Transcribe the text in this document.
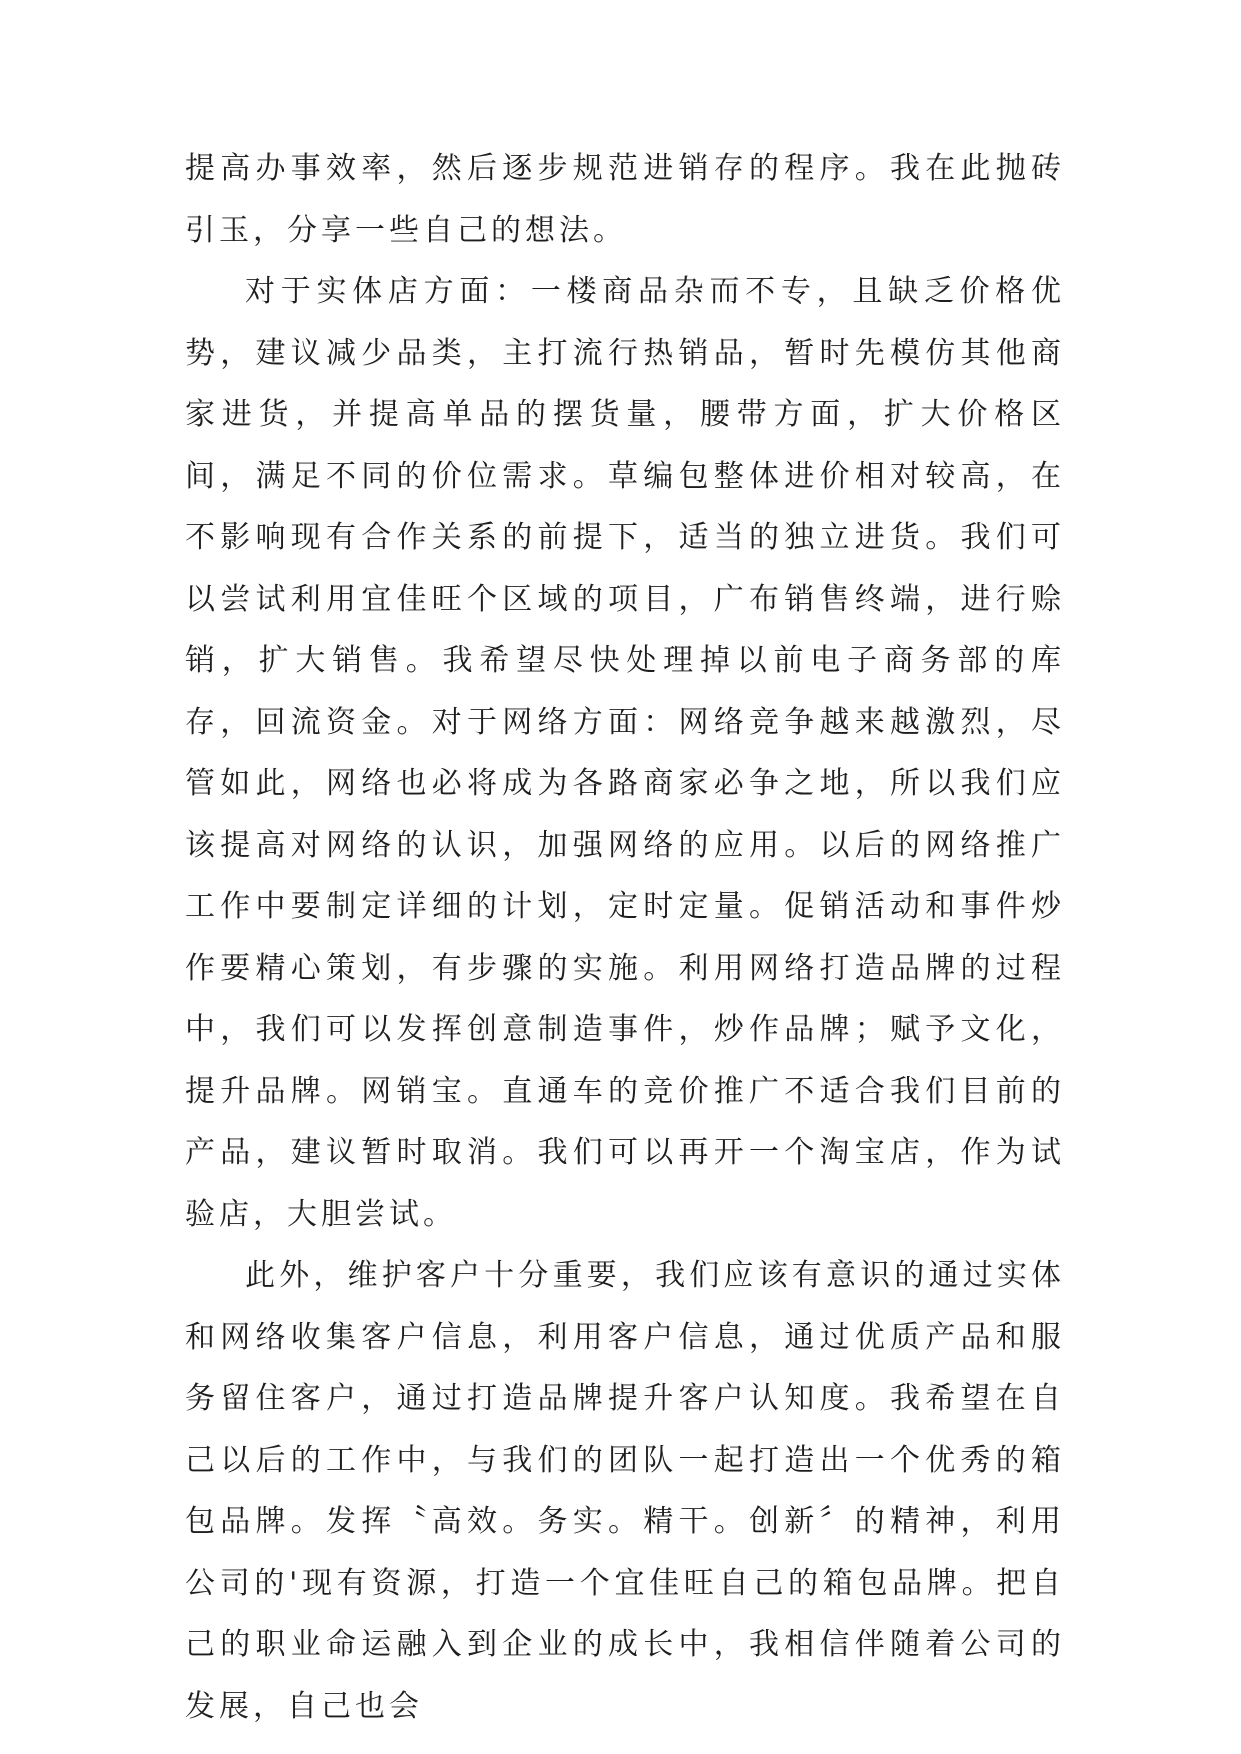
提高办事效率，然后逐步规范进销存的程序。我在此抛砖引玉，分享一些自己的想法。

对于实体店方面：一楼商品杂而不专，且缺乏价格优势，建议减少品类，主打流行热销品，暂时先模仿其他商家进货，并提高单品的摆货量，腰带方面，扩大价格区间，满足不同的价位需求。草编包整体进价相对较高，在不影响现有合作关系的前提下，适当的独立进货。我们可以尝试利用宜佳旺个区域的项目，广布销售终端，进行赊销，扩大销售。我希望尽快处理掉以前电子商务部的库存，回流资金。对于网络方面：网络竞争越来越激烈，尽管如此，网络也必将成为各路商家必争之地，所以我们应该提高对网络的认识，加强网络的应用。以后的网络推广工作中要制定详细的计划，定时定量。促销活动和事件炒作要精心策划，有步骤的实施。利用网络打造品牌的过程中，我们可以发挥创意制造事件，炒作品牌；赋予文化，提升品牌。网销宝。直通车的竞价推广不适合我们目前的产品，建议暂时取消。我们可以再开一个淘宝店，作为试验店，大胆尝试。

此外，维护客户十分重要，我们应该有意识的通过实体和网络收集客户信息，利用客户信息，通过优质产品和服务留住客户，通过打造品牌提升客户认知度。我希望在自己以后的工作中，与我们的团队一起打造出一个优秀的箱包品牌。发挥〝高效。务实。精干。创新〞的精神，利用公司的'现有资源，打造一个宜佳旺自己的箱包品牌。把自己的职业命运融入到企业的成长中，我相信伴随着公司的发展，自己也会
